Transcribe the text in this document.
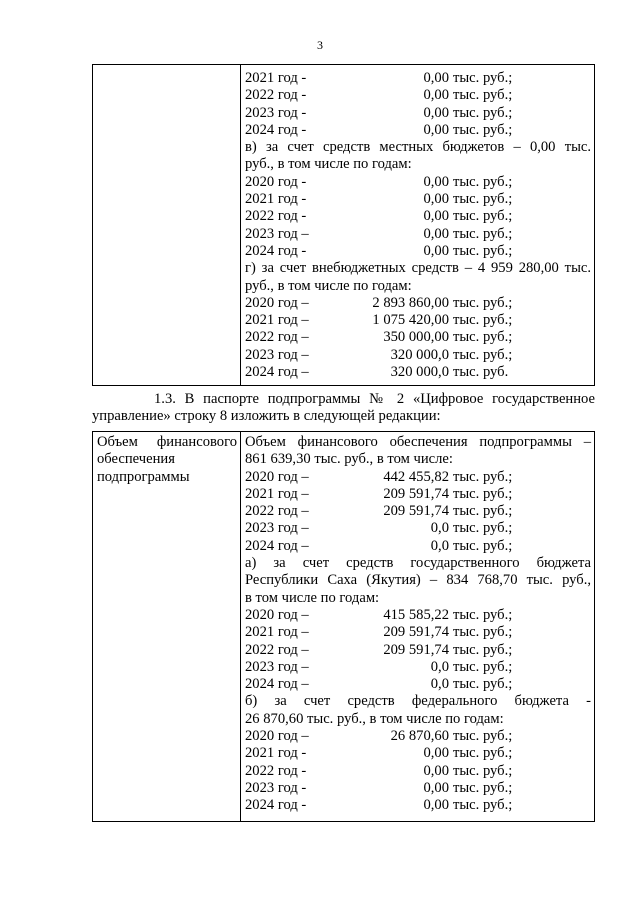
3

2021 год -	0,00 тыс. руб.;
2022 год -	0,00 тыс. руб.;
2023 год -	0,00 тыс. руб.;
2024 год -	0,00 тыс. руб.;
в) за счет средств местных бюджетов – 0,00 тыс.
руб., в том числе по годам:
2020 год -	0,00 тыс. руб.;
2021 год -	0,00 тыс. руб.;
2022 год -	0,00 тыс. руб.;
2023 год –	0,00 тыс. руб.;
2024 год -	0,00 тыс. руб.;
г) за счет внебюджетных средств – 4 959 280,00 тыс.
руб., в том числе по годам:
2020 год –	2 893 860,00 тыс. руб.;
2021 год –	1 075 420,00 тыс. руб.;
2022 год –	350 000,00 тыс. руб.;
2023 год –	320 000,0 тыс. руб.;
2024 год –	320 000,0 тыс. руб.
1.3. В паспорте подпрограммы № 2 «Цифровое государственное
управление» строку 8 изложить в следующей редакции:
Объем финансового
обеспечения
подпрограммы

Объем финансового обеспечения подпрограммы –
861 639,30 тыс. руб., в том числе:
2020 год –	442 455,82 тыс. руб.;
2021 год –	209 591,74 тыс. руб.;
2022 год –	209 591,74 тыс. руб.;
2023 год –	0,0 тыс. руб.;
2024 год –	0,0 тыс. руб.;
а) за счет средств государственного бюджета
Республики Саха (Якутия) – 834 768,70 тыс. руб.,
в том числе по годам:
2020 год –	415 585,22 тыс. руб.;
2021 год –	209 591,74 тыс. руб.;
2022 год –	209 591,74 тыс. руб.;
2023 год –	0,0 тыс. руб.;
2024 год –	0,0 тыс. руб.;
б) за счет средств федерального бюджета -
26 870,60 тыс. руб., в том числе по годам:
2020 год –	26 870,60 тыс. руб.;
2021 год -	0,00 тыс. руб.;
2022 год -	0,00 тыс. руб.;
2023 год -	0,00 тыс. руб.;
2024 год -	0,00 тыс. руб.;
